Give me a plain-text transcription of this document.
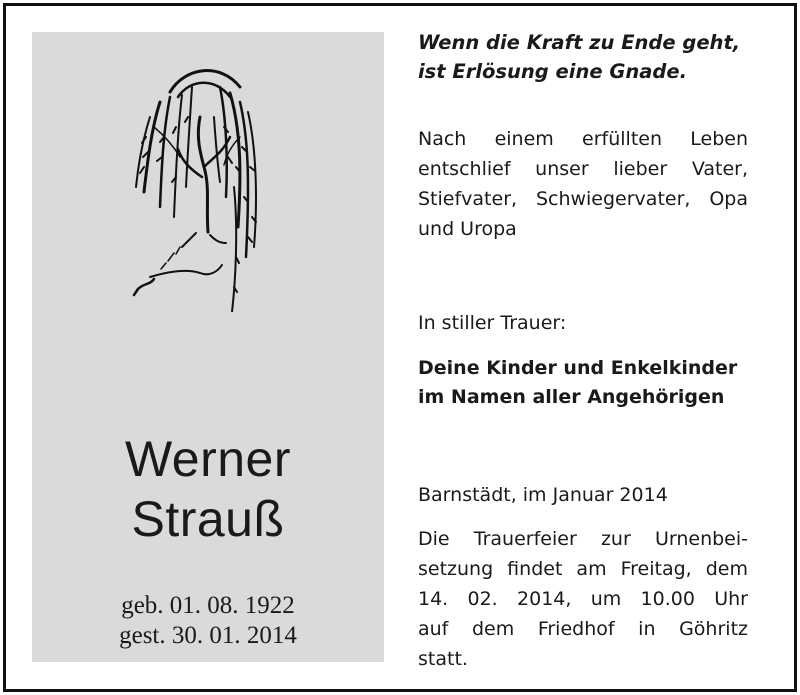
Werner
Strauß
geb. 01. 08. 1922
gest. 30. 01. 2014
Wenn die Kraft zu Ende geht,
ist Erlösung eine Gnade.
Nach einem erfüllten Leben
entschlief unser lieber Vater,
Stiefvater, Schwiegervater, Opa
und Uropa
In stiller Trauer:
Deine Kinder und Enkelkinder
im Namen aller Angehörigen
Barnstädt, im Januar 2014
Die Trauerfeier zur Urnenbei-
setzung findet am Freitag, dem
14. 02. 2014, um 10.00 Uhr
auf dem Friedhof in Göhritz
statt.
